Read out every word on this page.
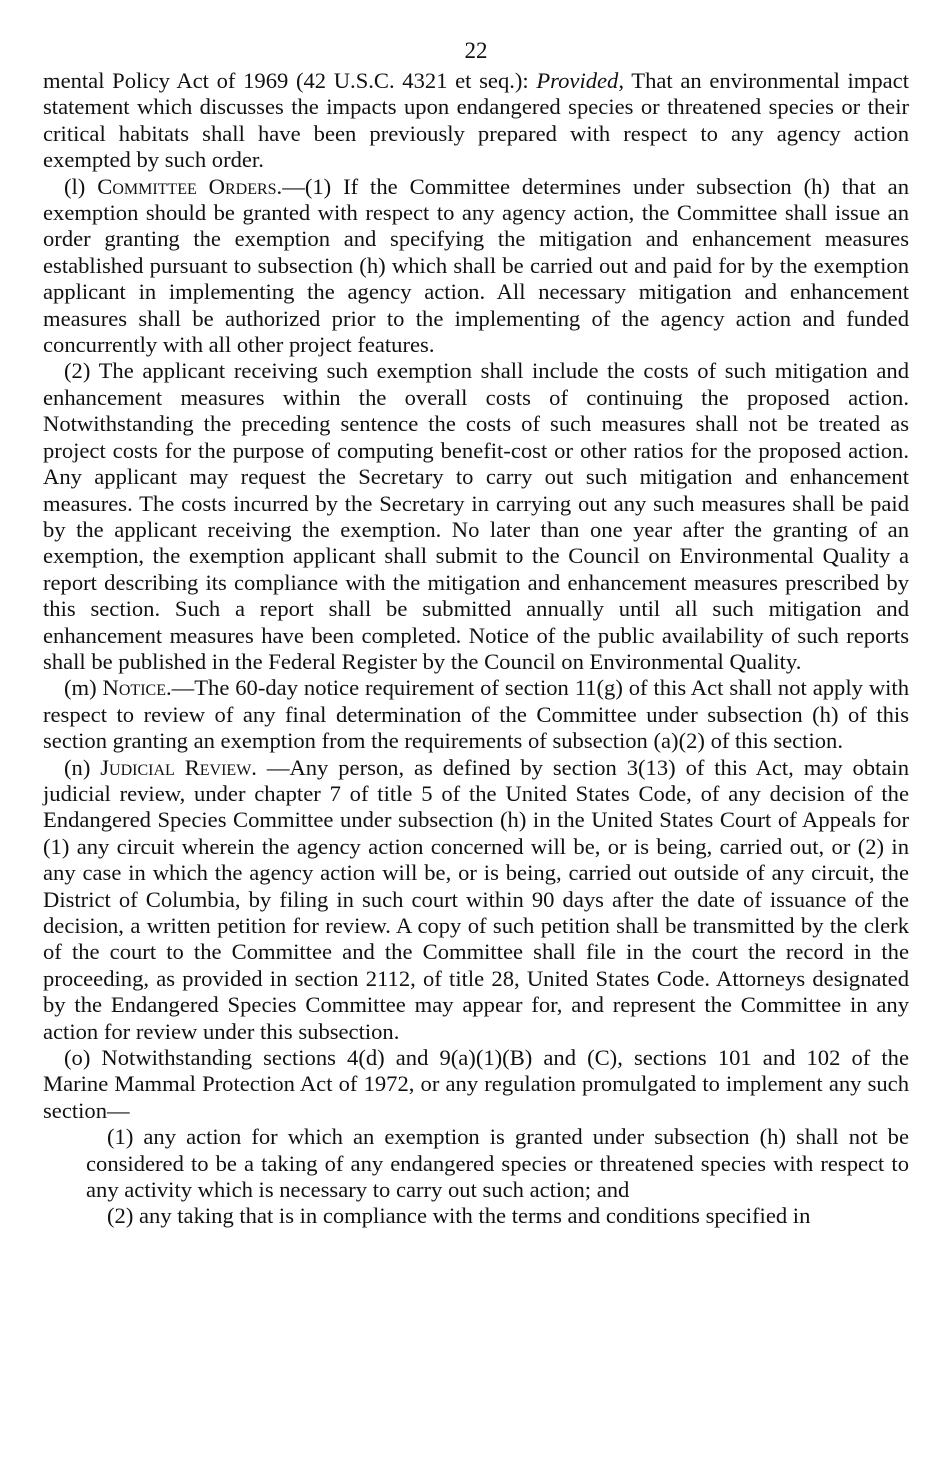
22

mental Policy Act of 1969 (42 U.S.C. 4321 et seq.): Provided, That an environmental impact statement which discusses the impacts upon endangered species or threatened species or their critical habitats shall have been previously prepared with respect to any agency action exempted by such order.

(l) Committee Orders.—(1) If the Committee determines under subsection (h) that an exemption should be granted with respect to any agency action, the Committee shall issue an order granting the exemption and specifying the mitigation and enhancement measures established pursuant to subsection (h) which shall be carried out and paid for by the exemption applicant in implementing the agency action. All necessary mitigation and enhancement measures shall be authorized prior to the implementing of the agency action and funded concurrently with all other project features.

(2) The applicant receiving such exemption shall include the costs of such mitigation and enhancement measures within the overall costs of continuing the proposed action. Notwithstanding the preceding sentence the costs of such measures shall not be treated as project costs for the purpose of computing benefit-cost or other ratios for the proposed action. Any applicant may request the Secretary to carry out such mitigation and enhancement measures. The costs incurred by the Secretary in carrying out any such measures shall be paid by the applicant receiving the exemption. No later than one year after the granting of an exemption, the exemption applicant shall submit to the Council on Environmental Quality a report describing its compliance with the mitigation and enhancement measures prescribed by this section. Such a report shall be submitted annually until all such mitigation and enhancement measures have been completed. Notice of the public availability of such reports shall be published in the Federal Register by the Council on Environmental Quality.

(m) Notice.—The 60-day notice requirement of section 11(g) of this Act shall not apply with respect to review of any final determination of the Committee under subsection (h) of this section granting an exemption from the requirements of subsection (a)(2) of this section.

(n) Judicial Review. —Any person, as defined by section 3(13) of this Act, may obtain judicial review, under chapter 7 of title 5 of the United States Code, of any decision of the Endangered Species Committee under subsection (h) in the United States Court of Appeals for (1) any circuit wherein the agency action concerned will be, or is being, carried out, or (2) in any case in which the agency action will be, or is being, carried out outside of any circuit, the District of Columbia, by filing in such court within 90 days after the date of issuance of the decision, a written petition for review. A copy of such petition shall be transmitted by the clerk of the court to the Committee and the Committee shall file in the court the record in the proceeding, as provided in section 2112, of title 28, United States Code. Attorneys designated by the Endangered Species Committee may appear for, and represent the Committee in any action for review under this subsection.

(o) Notwithstanding sections 4(d) and 9(a)(1)(B) and (C), sections 101 and 102 of the Marine Mammal Protection Act of 1972, or any regulation promulgated to implement any such section—

(1) any action for which an exemption is granted under subsection (h) shall not be considered to be a taking of any endangered species or threatened species with respect to any activity which is necessary to carry out such action; and

(2) any taking that is in compliance with the terms and conditions specified in
